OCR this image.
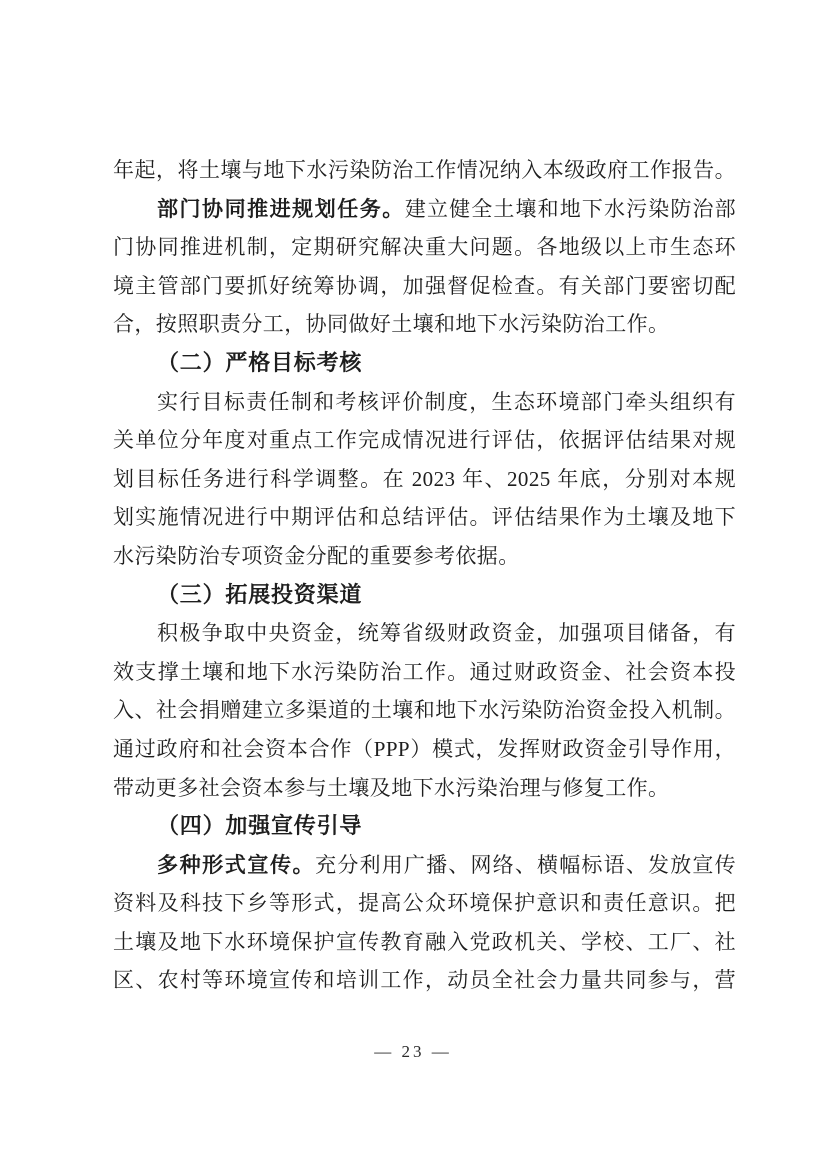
年起，将土壤与地下水污染防治工作情况纳入本级政府工作报告。
部门协同推进规划任务。建立健全土壤和地下水污染防治部
门协同推进机制，定期研究解决重大问题。各地级以上市生态环
境主管部门要抓好统筹协调，加强督促检查。有关部门要密切配
合，按照职责分工，协同做好土壤和地下水污染防治工作。
（二）严格目标考核
实行目标责任制和考核评价制度，生态环境部门牵头组织有
关单位分年度对重点工作完成情况进行评估，依据评估结果对规
划目标任务进行科学调整。在 2023 年、2025 年底，分别对本规
划实施情况进行中期评估和总结评估。评估结果作为土壤及地下
水污染防治专项资金分配的重要参考依据。
（三）拓展投资渠道
积极争取中央资金，统筹省级财政资金，加强项目储备，有
效支撑土壤和地下水污染防治工作。通过财政资金、社会资本投
入、社会捐赠建立多渠道的土壤和地下水污染防治资金投入机制。
通过政府和社会资本合作（PPP）模式，发挥财政资金引导作用，
带动更多社会资本参与土壤及地下水污染治理与修复工作。
（四）加强宣传引导
多种形式宣传。充分利用广播、网络、横幅标语、发放宣传
资料及科技下乡等形式，提高公众环境保护意识和责任意识。把
土壤及地下水环境保护宣传教育融入党政机关、学校、工厂、社
区、农村等环境宣传和培训工作，动员全社会力量共同参与，营
— 23 —
